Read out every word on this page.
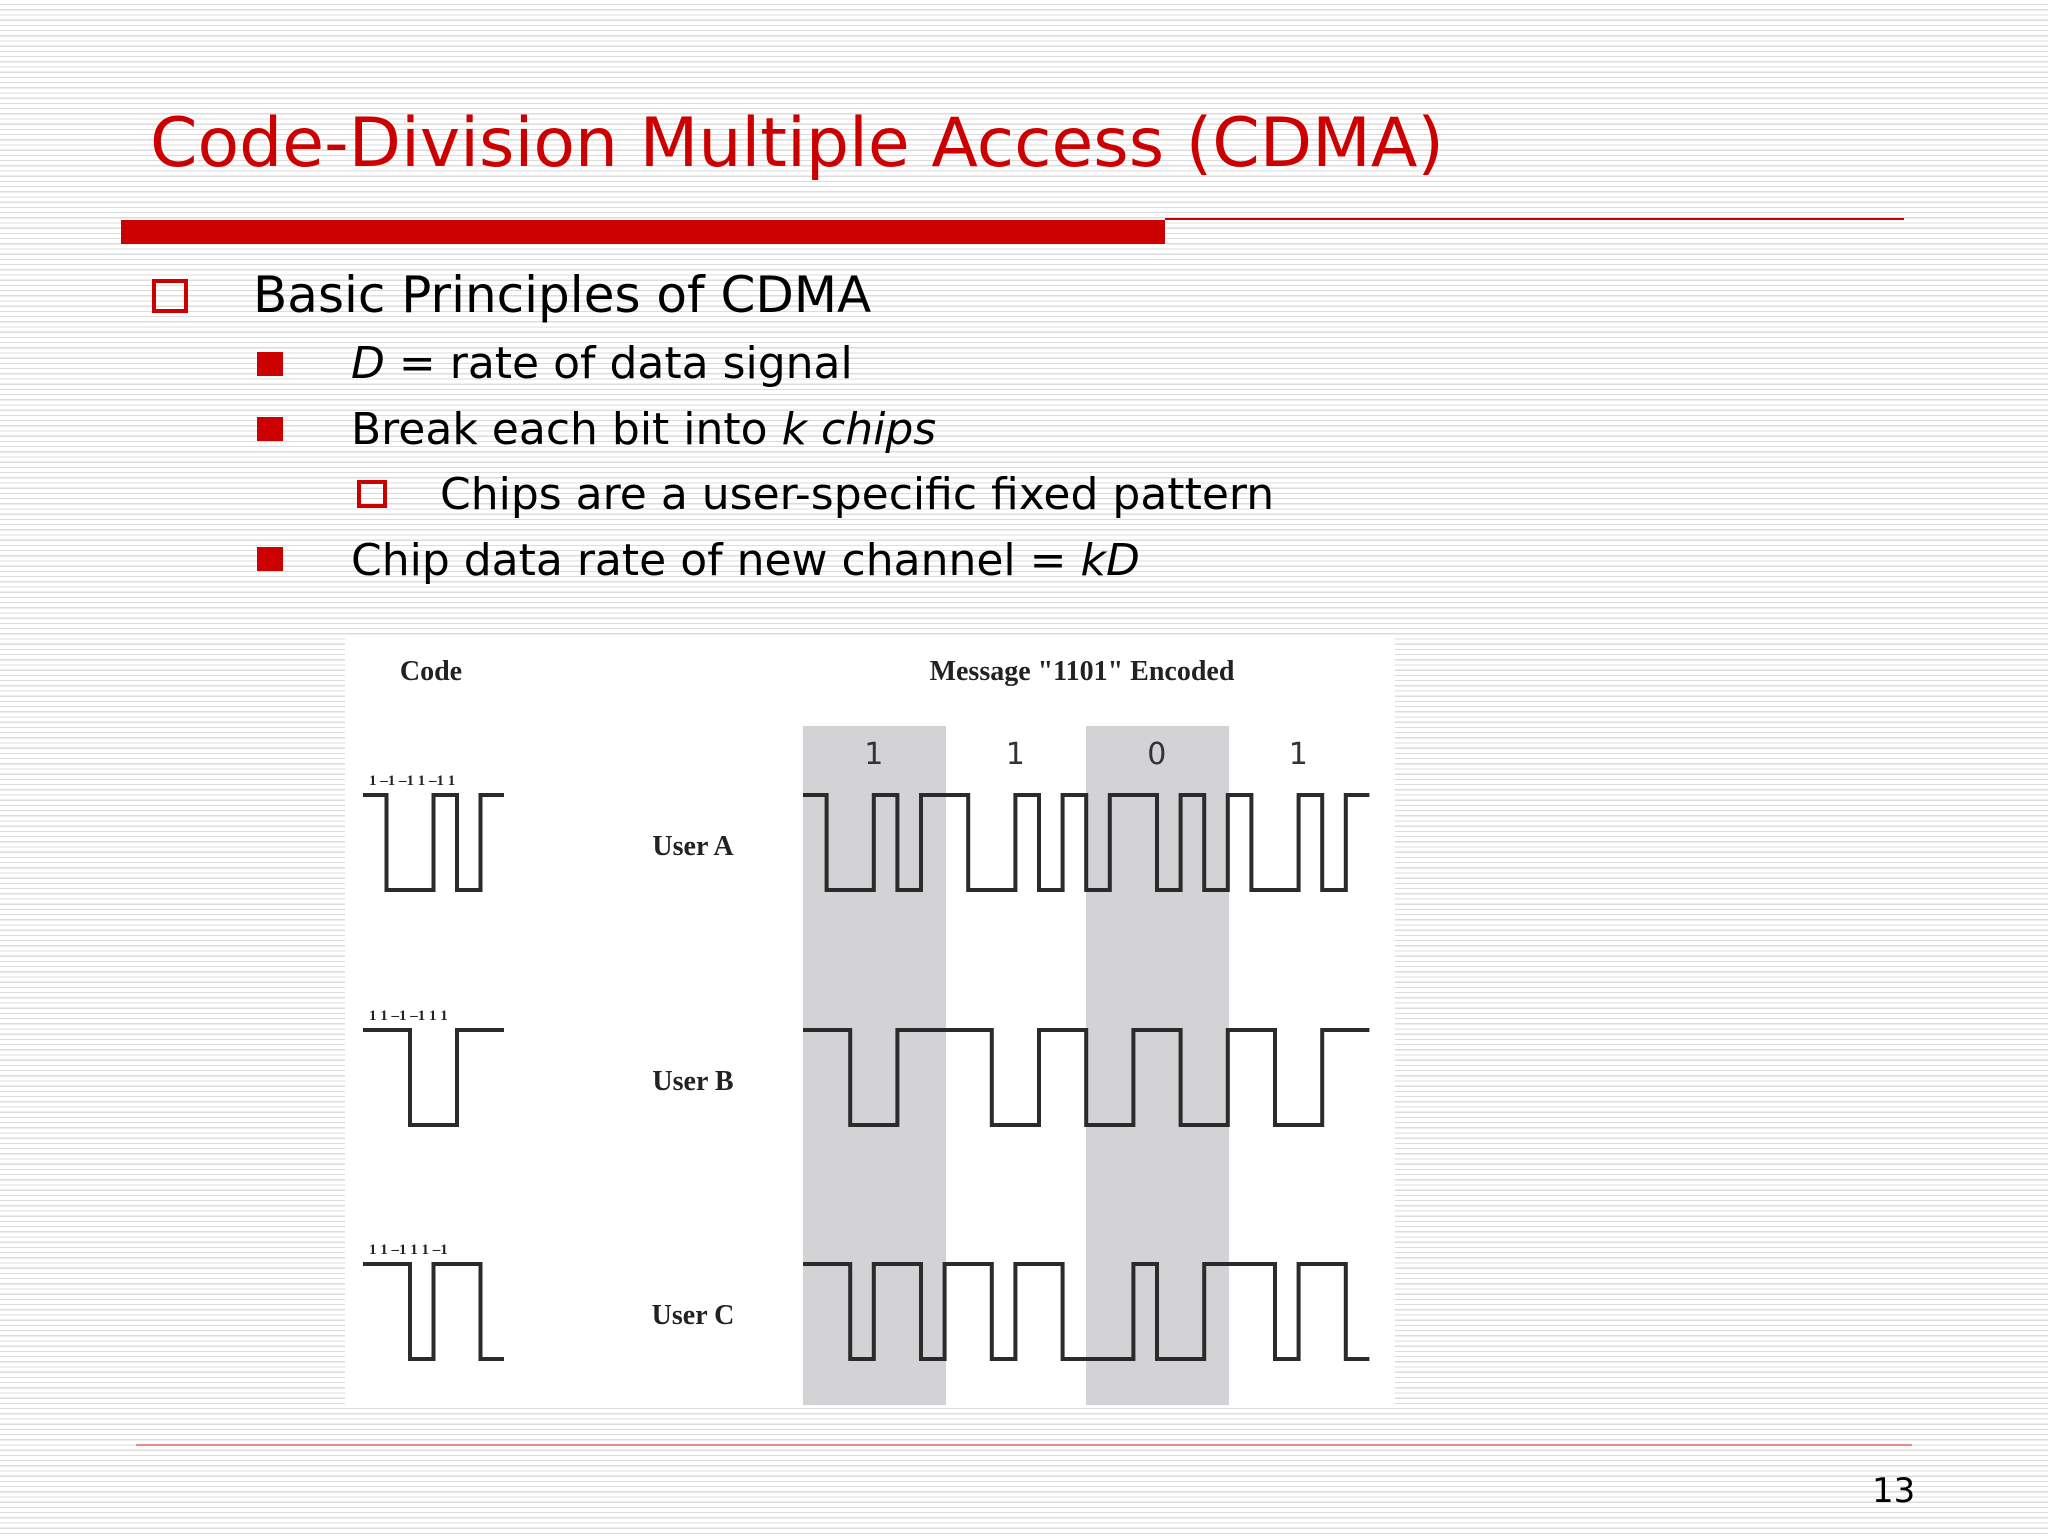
Code-Division Multiple Access (CDMA)
Basic Principles of CDMA
D = rate of data signal
Break each bit into k chips
Chips are a user-specific fixed pattern
Chip data rate of new channel = kD
Code	Message "1101" Encoded
1	1	0	1
1 –1 –1 1 –1 1
1 1 –1 –1 1 1
1 1 –1 1 1 –1
User A
User B
User C
13
